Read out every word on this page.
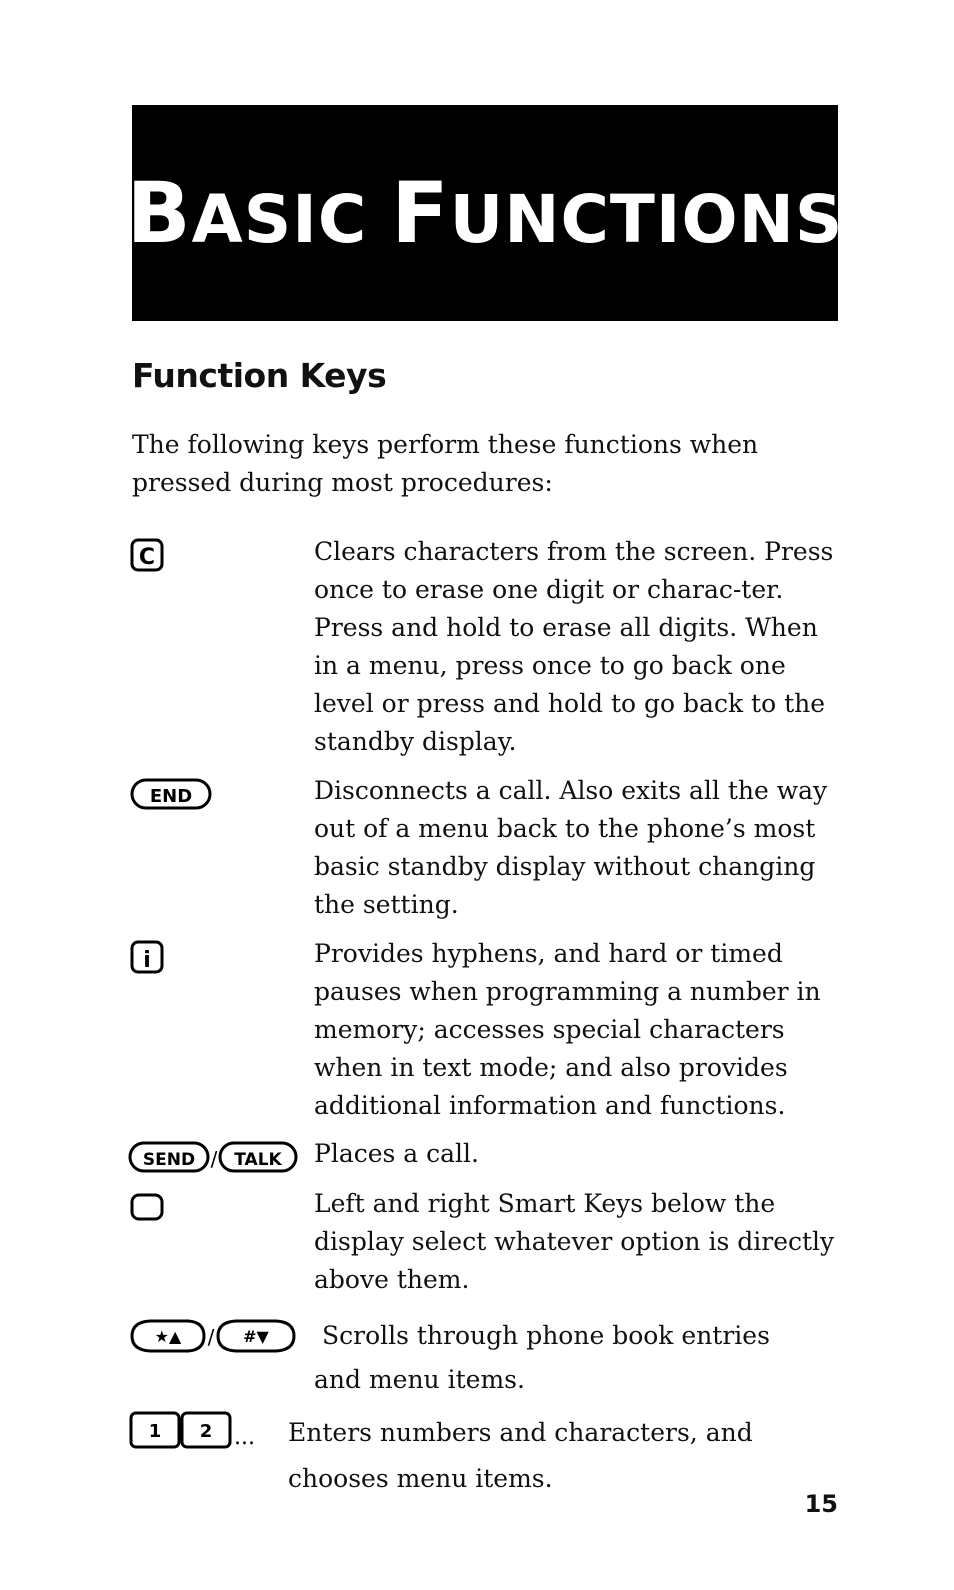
BASIC FUNCTIONS
Function Keys

The following keys perform these functions when pressed during most procedures:

C	Clears characters from the screen. Press once to erase one digit or charac-ter. Press and hold to erase all digits. When in a menu, press once to go back one level or press and hold to go back to the standby display.

END	Disconnects a call. Also exits all the way out of a menu back to the phone’s most basic standby display without changing the setting.

i	Provides hyphens, and hard or timed pauses when programming a number in memory; accesses special characters when in text mode; and also provides additional information and functions.

SEND / TALK Places a call.

Left and right Smart Keys below the display select whatever option is directly above them.

★▲ / #▼	Scrolls through phone book entries and menu items.

1 2 ... Enters numbers and characters, and chooses menu items.

15
